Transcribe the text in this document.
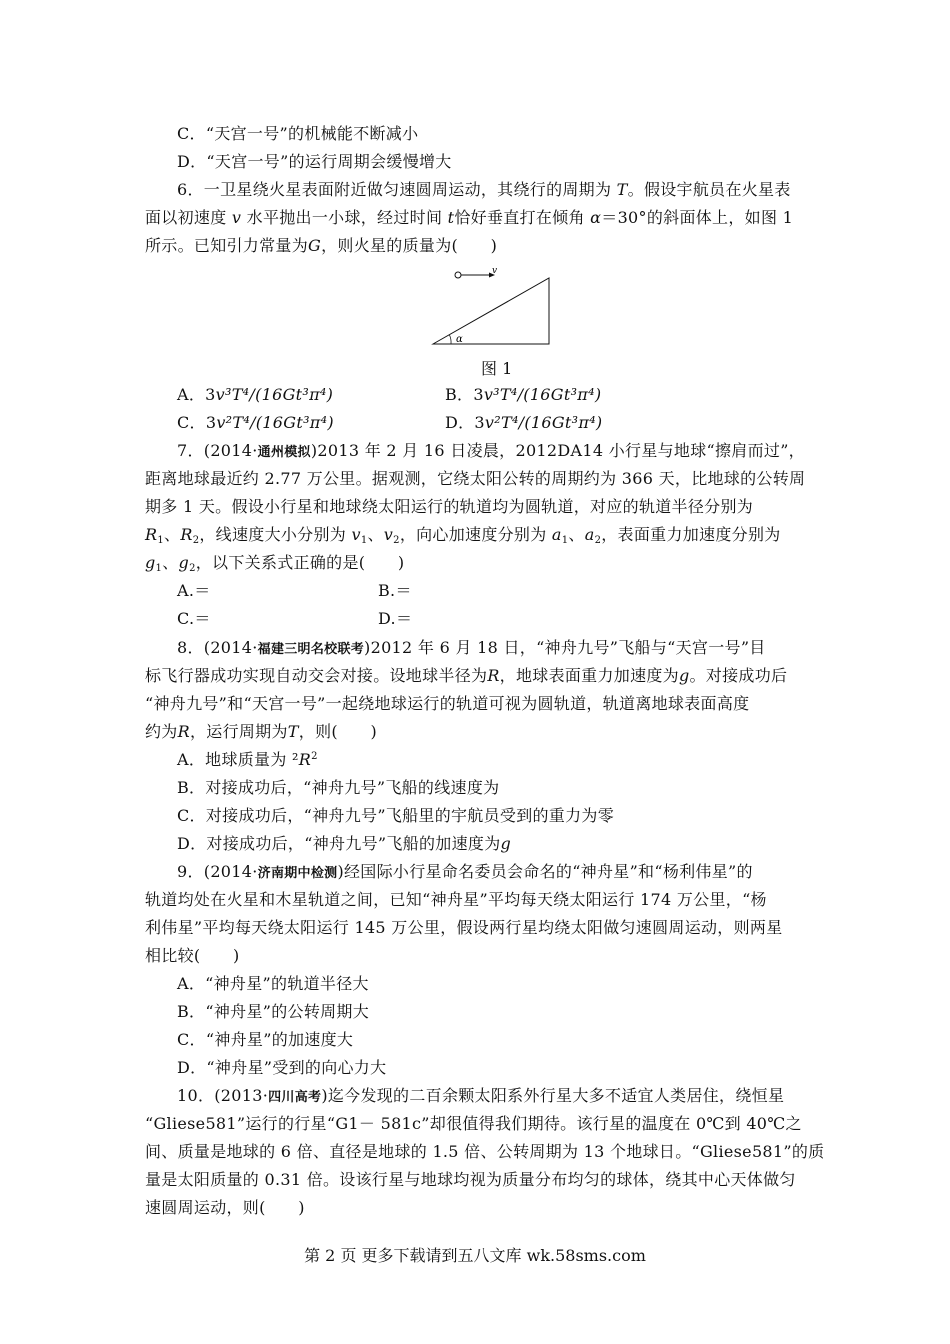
C．“天宫一号”的机械能不断减小
D．“天宫一号”的运行周期会缓慢增大
6．一卫星绕火星表面附近做匀速圆周运动，其绕行的周期为 T。假设宇航员在火星表
面以初速度 v 水平抛出一小球，经过时间 t恰好垂直打在倾角 α＝30°的斜面体上，如图 1
所示。已知引力常量为G，则火星的质量为(　　)
v
α
图 1
A．3v³T⁴/(16Gt³π⁴)	B．3v³T⁴/(16Gt³π⁴)
C．3v²T⁴/(16Gt³π⁴)	D．3v²T⁴/(16Gt³π⁴)
7．(2014·通州模拟)2013 年 2 月 16 日凌晨，2012DA14 小行星与地球“擦肩而过”，
距离地球最近约 2.77 万公里。据观测，它绕太阳公转的周期约为 366 天，比地球的公转周
期多 1 天。假设小行星和地球绕太阳运行的轨道均为圆轨道，对应的轨道半径分别为
$R_1$、$R_2$，线速度大小分别为 $v_1$、$v_2$，向心加速度分别为 $a_1$、$a_2$，表面重力加速度分别为
$g_1$、$g_2$，以下关系式正确的是(　　)
A.＝	B.＝
C.＝	D.＝
8．(2014·福建三明名校联考)2012 年 6 月 18 日，“神舟九号”飞船与“天宫一号”目
标飞行器成功实现自动交会对接。设地球半径为R，地球表面重力加速度为g。对接成功后
“神舟九号”和“天宫一号”一起绕地球运行的轨道可视为圆轨道，轨道离地球表面高度
约为R，运行周期为T，则(　　)
A．地球质量为 $^2R^2$
B．对接成功后，“神舟九号”飞船的线速度为
C．对接成功后，“神舟九号”飞船里的宇航员受到的重力为零
D．对接成功后，“神舟九号”飞船的加速度为g
9．(2014·济南期中检测)经国际小行星命名委员会命名的“神舟星”和“杨利伟星”的
轨道均处在火星和木星轨道之间，已知“神舟星”平均每天绕太阳运行 174 万公里，“杨
利伟星”平均每天绕太阳运行 145 万公里，假设两行星均绕太阳做匀速圆周运动，则两星
相比较(　　)
A．“神舟星”的轨道半径大
B．“神舟星”的公转周期大
C．“神舟星”的加速度大
D．“神舟星”受到的向心力大
10．(2013·四川高考)迄今发现的二百余颗太阳系外行星大多不适宜人类居住，绕恒星
“Gliese581”运行的行星“G1－ 581c”却很值得我们期待。该行星的温度在 0℃到 40℃之
间、质量是地球的 6 倍、直径是地球的 1.5 倍、公转周期为 13 个地球日。“Gliese581”的质
量是太阳质量的 0.31 倍。设该行星与地球均视为质量分布均匀的球体，绕其中心天体做匀
速圆周运动，则(　　)
第 2 页 更多下载请到五八文库 wk.58sms.com
